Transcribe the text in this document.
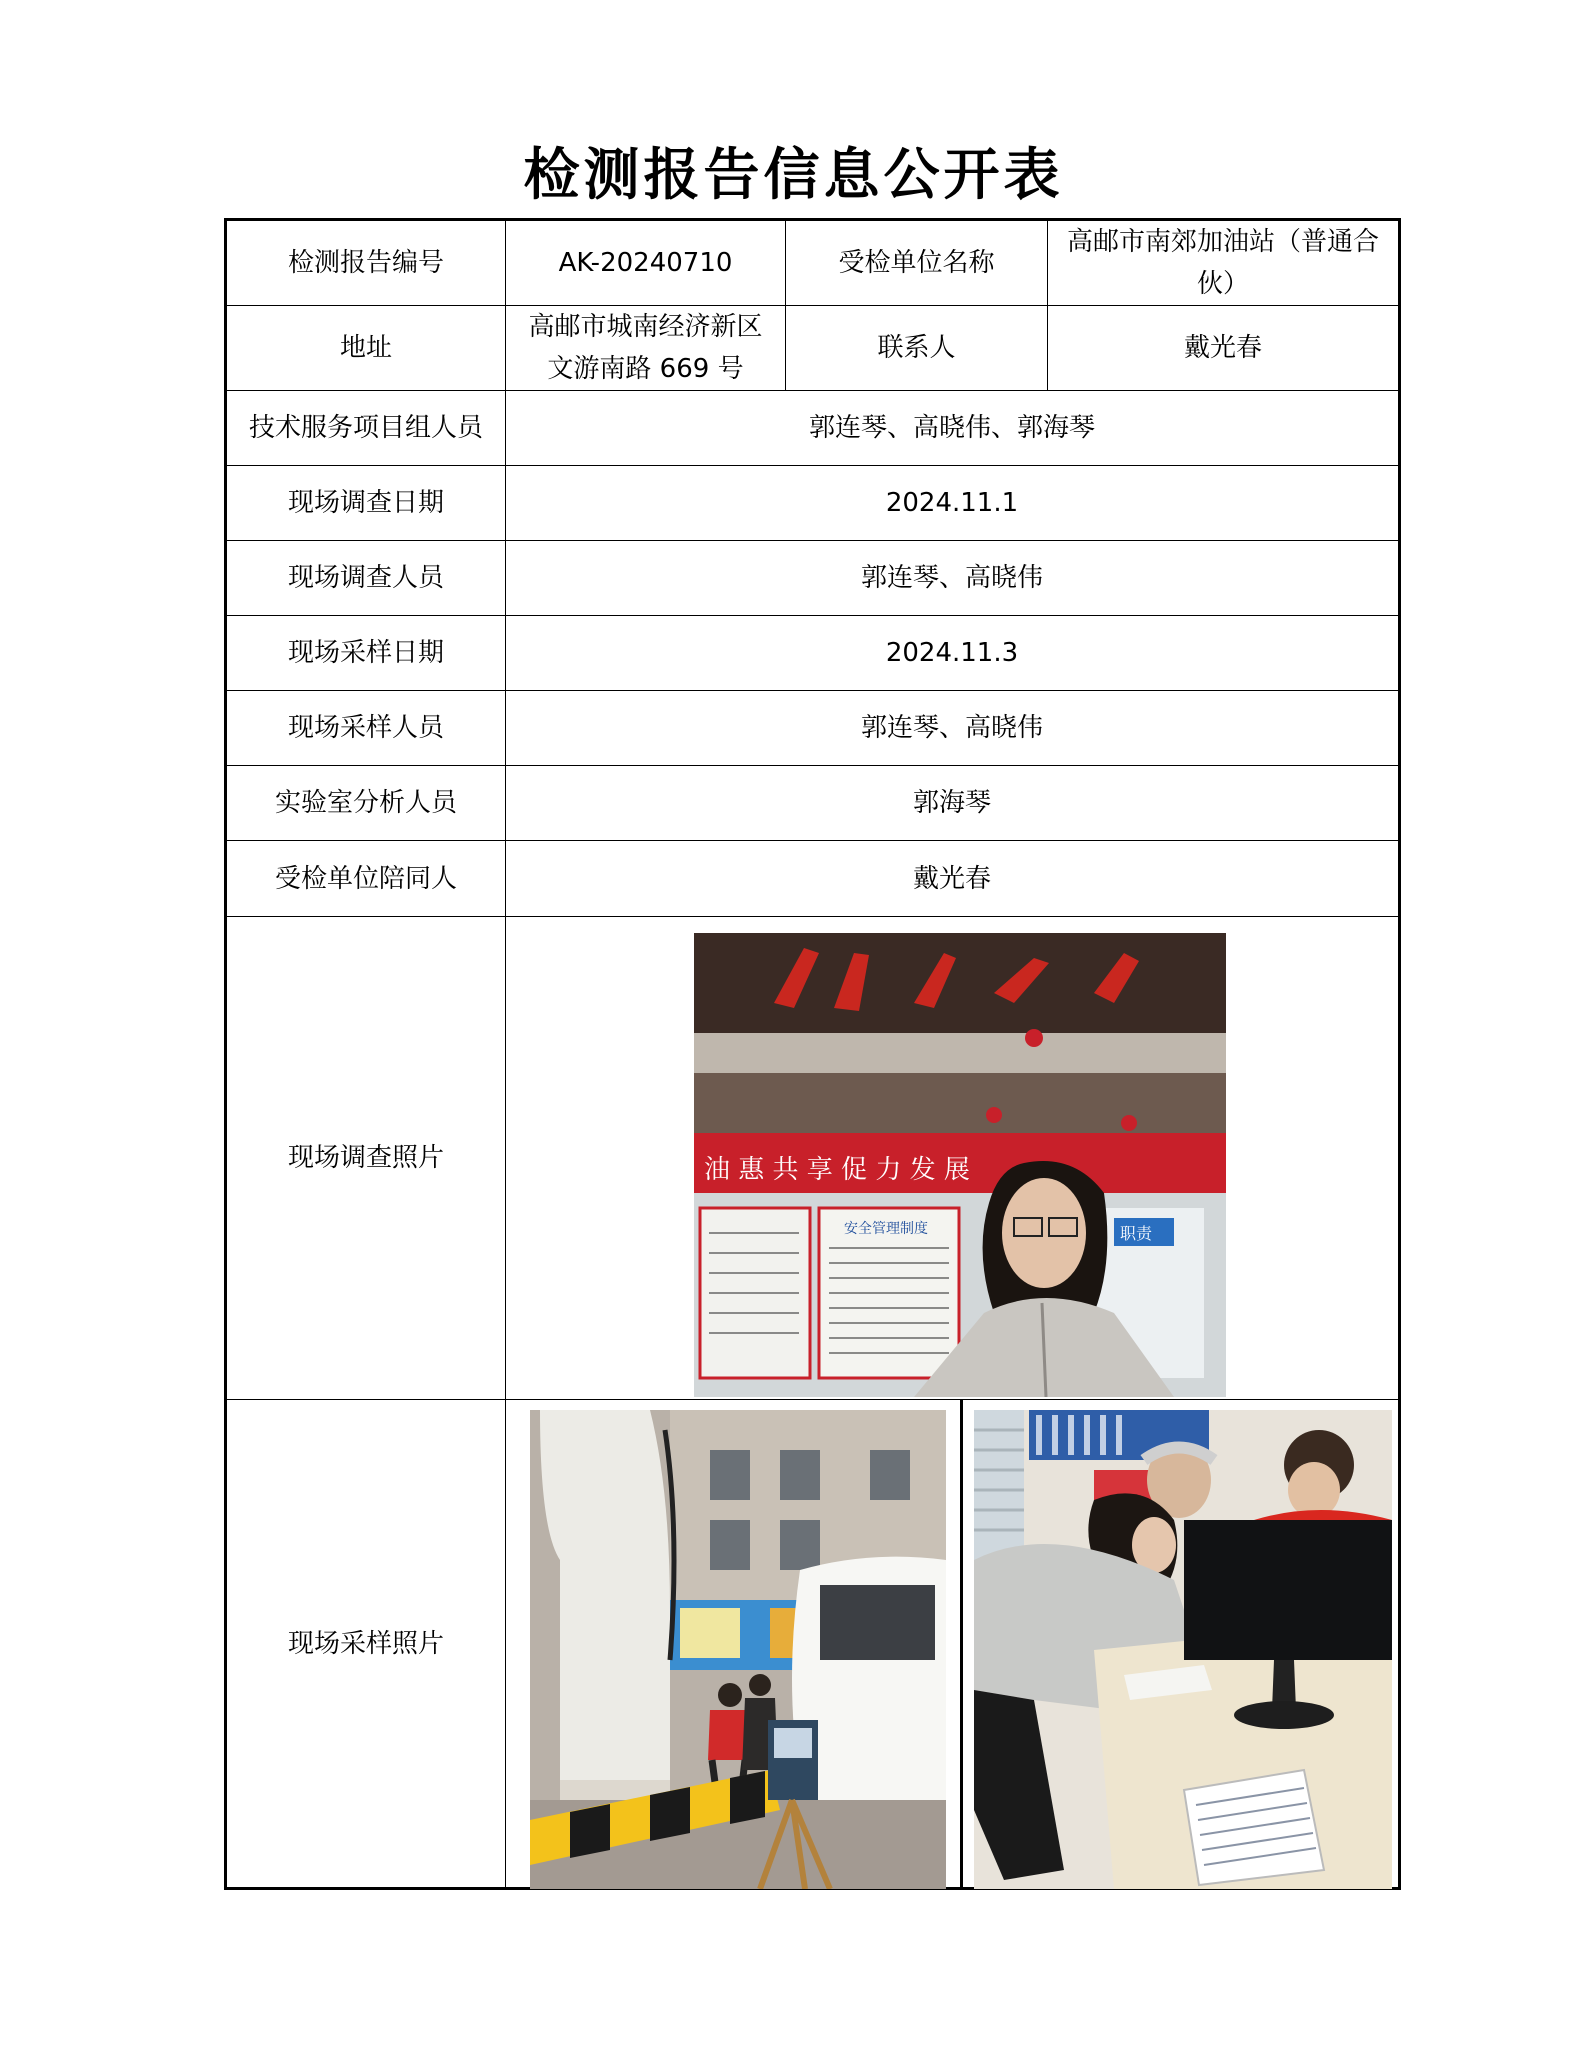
检测报告信息公开表
检测报告编号	AK-20240710	受检单位名称	高邮市南郊加油站（普通合伙）
地址	高邮市城南经济新区文游南路 669 号	联系人	戴光春
技术服务项目组人员	郭连琴、高晓伟、郭海琴		
现场调查日期	2024.11.1		
现场调查人员	郭连琴、高晓伟		
现场采样日期	2024.11.3		
现场采样人员	郭连琴、高晓伟		
实验室分析人员	郭海琴		
受检单位陪同人	戴光春		
现场调查照片	油 惠 共 享 促 力 发 展
安全管理制度 职责		

现场采样照片	
